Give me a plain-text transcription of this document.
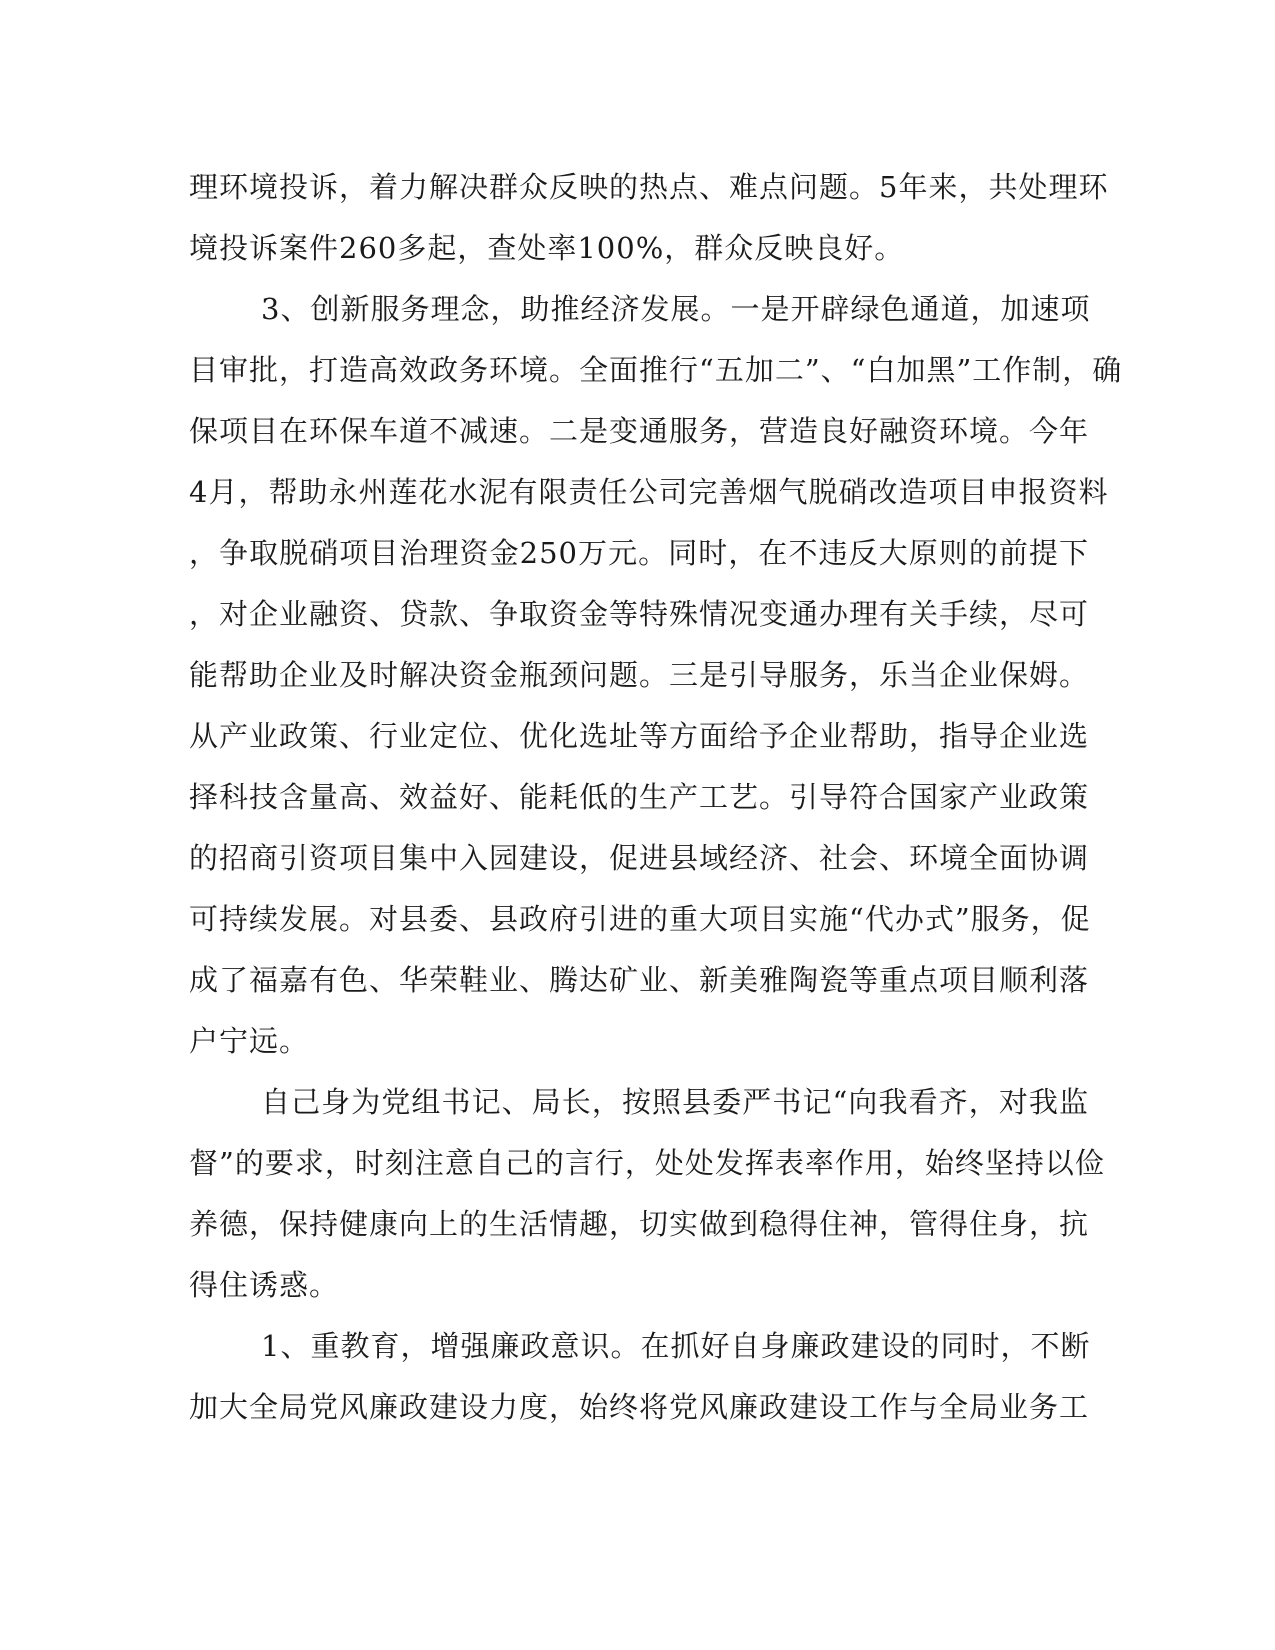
理环境投诉，着力解决群众反映的热点、难点问题。5年来，共处理环
境投诉案件260多起，查处率100%，群众反映良好。
3、创新服务理念，助推经济发展。一是开辟绿色通道，加速项
目审批，打造高效政务环境。全面推行“五加二”、“白加黑”工作制，确
保项目在环保车道不减速。二是变通服务，营造良好融资环境。今年
4月，帮助永州莲花水泥有限责任公司完善烟气脱硝改造项目申报资料
，争取脱硝项目治理资金250万元。同时，在不违反大原则的前提下
，对企业融资、贷款、争取资金等特殊情况变通办理有关手续，尽可
能帮助企业及时解决资金瓶颈问题。三是引导服务，乐当企业保姆。
从产业政策、行业定位、优化选址等方面给予企业帮助，指导企业选
择科技含量高、效益好、能耗低的生产工艺。引导符合国家产业政策
的招商引资项目集中入园建设，促进县域经济、社会、环境全面协调
可持续发展。对县委、县政府引进的重大项目实施“代办式”服务，促
成了福嘉有色、华荣鞋业、腾达矿业、新美雅陶瓷等重点项目顺利落
户宁远。
自己身为党组书记、局长，按照县委严书记“向我看齐，对我监
督”的要求，时刻注意自己的言行，处处发挥表率作用，始终坚持以俭
养德，保持健康向上的生活情趣，切实做到稳得住神，管得住身，抗
得住诱惑。
1、重教育，增强廉政意识。在抓好自身廉政建设的同时，不断
加大全局党风廉政建设力度，始终将党风廉政建设工作与全局业务工
